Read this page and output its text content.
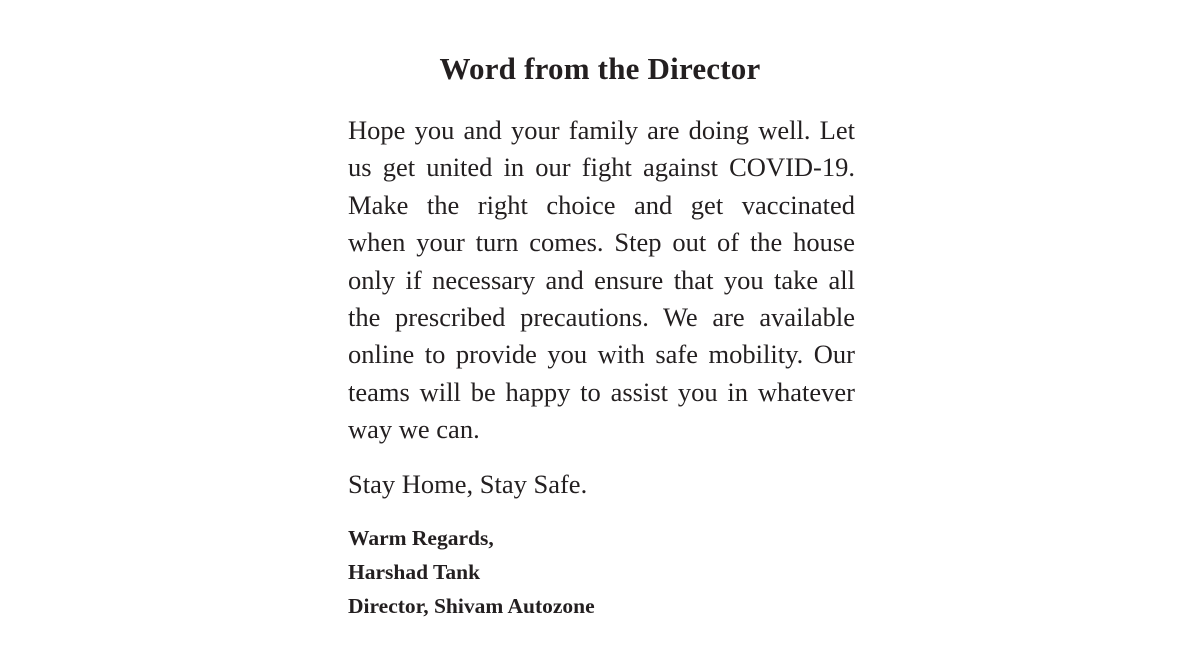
Word from the Director
Hope you and your family are doing well. Let
us get united in our fight against COVID-19.
Make the right choice and get vaccinated
when your turn comes. Step out of the house
only if necessary and ensure that you take all
the prescribed precautions. We are available
online to provide you with safe mobility. Our
teams will be happy to assist you in whatever
way we can.
Stay Home, Stay Safe.
Warm Regards,
Harshad Tank
Director, Shivam Autozone
